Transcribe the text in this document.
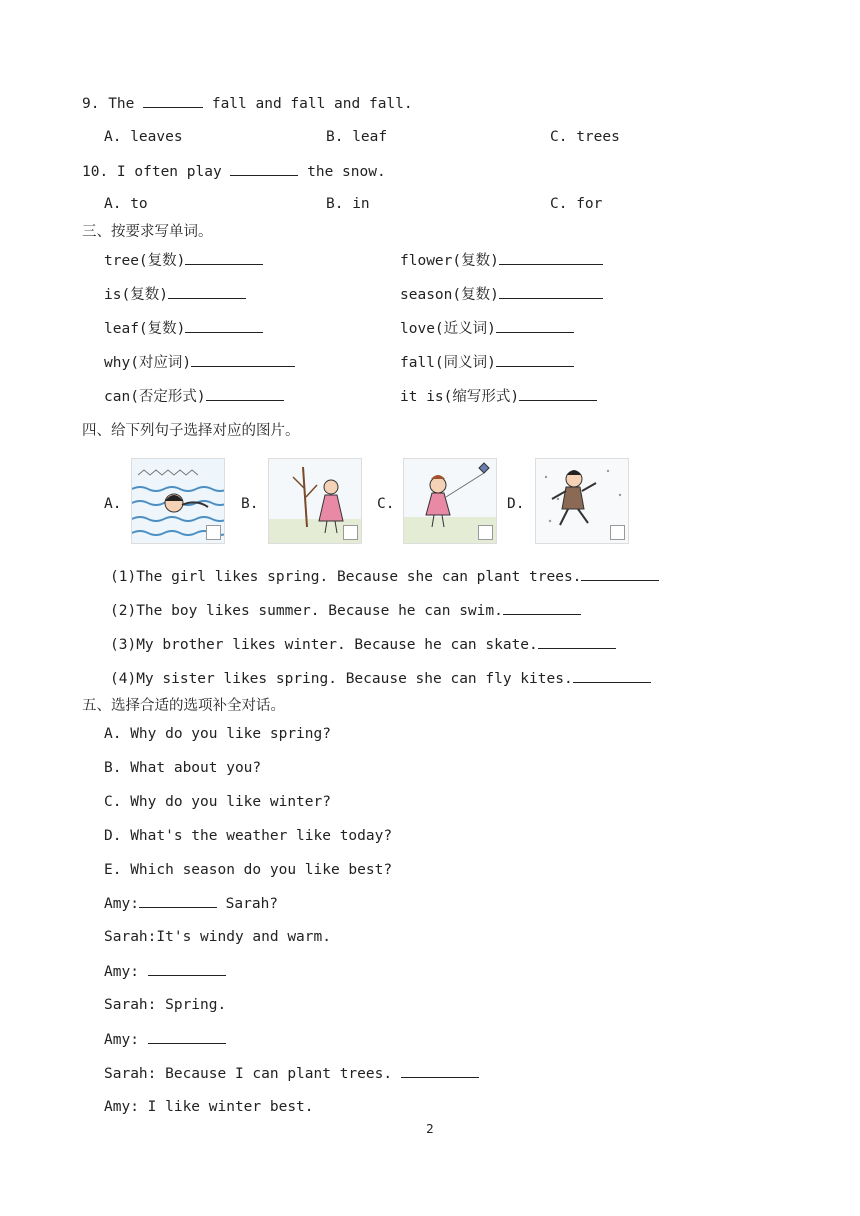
9. The	fall and fall and fall.
A. leaves	B. leaf	C. trees
10. I often play	the snow.
A. to	B. in	C. for
三、按要求写单词。
tree(复数)	flower(复数)
is(复数)	season(复数)
leaf(复数)	love(近义词)
why(对应词)	fall(同义词)
can(否定形式)	it is(缩写形式)
四、给下列句子选择对应的图片。
A.	B.	C.	D.
(1)The girl likes spring. Because she can plant trees.
(2)The boy likes summer. Because he can swim.
(3)My brother likes winter. Because he can skate.
(4)My sister likes spring. Because she can fly kites.
五、选择合适的选项补全对话。
A. Why do you like spring?
B. What about you?
C. Why do you like winter?
D. What's the weather like today?
E. Which season do you like best?
Amy:	Sarah?
Sarah:It's windy and warm.
Amy:
Sarah: Spring.
Amy:
Sarah: Because I can plant trees.
Amy: I like winter best.
2
